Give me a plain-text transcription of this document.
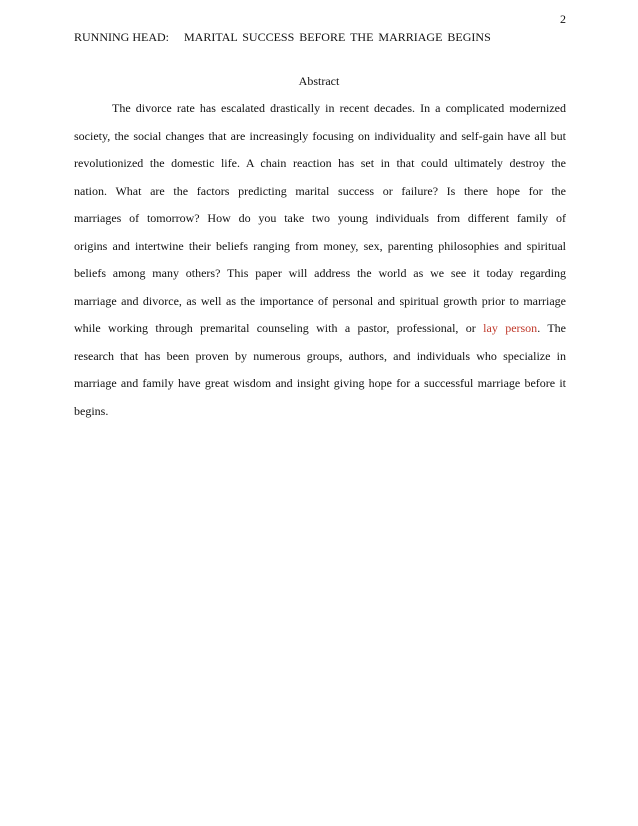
2
RUNNING HEAD: MARITAL SUCCESS BEFORE THE MARRIAGE BEGINS
Abstract
The divorce rate has escalated drastically in recent decades. In a complicated modernized
society, the social changes that are increasingly focusing on individuality and self-gain have all but
revolutionized the domestic life. A chain reaction has set in that could ultimately destroy the
nation. What are the factors predicting marital success or failure? Is there hope for the
marriages of tomorrow? How do you take two young individuals from different family of
origins and intertwine their beliefs ranging from money, sex, parenting philosophies and spiritual
beliefs among many others? This paper will address the world as we see it today regarding
marriage and divorce, as well as the importance of personal and spiritual growth prior to marriage
while working through premarital counseling with a pastor, professional, or lay person. The
research that has been proven by numerous groups, authors, and individuals who specialize in
marriage and family have great wisdom and insight giving hope for a successful marriage before it
begins.
